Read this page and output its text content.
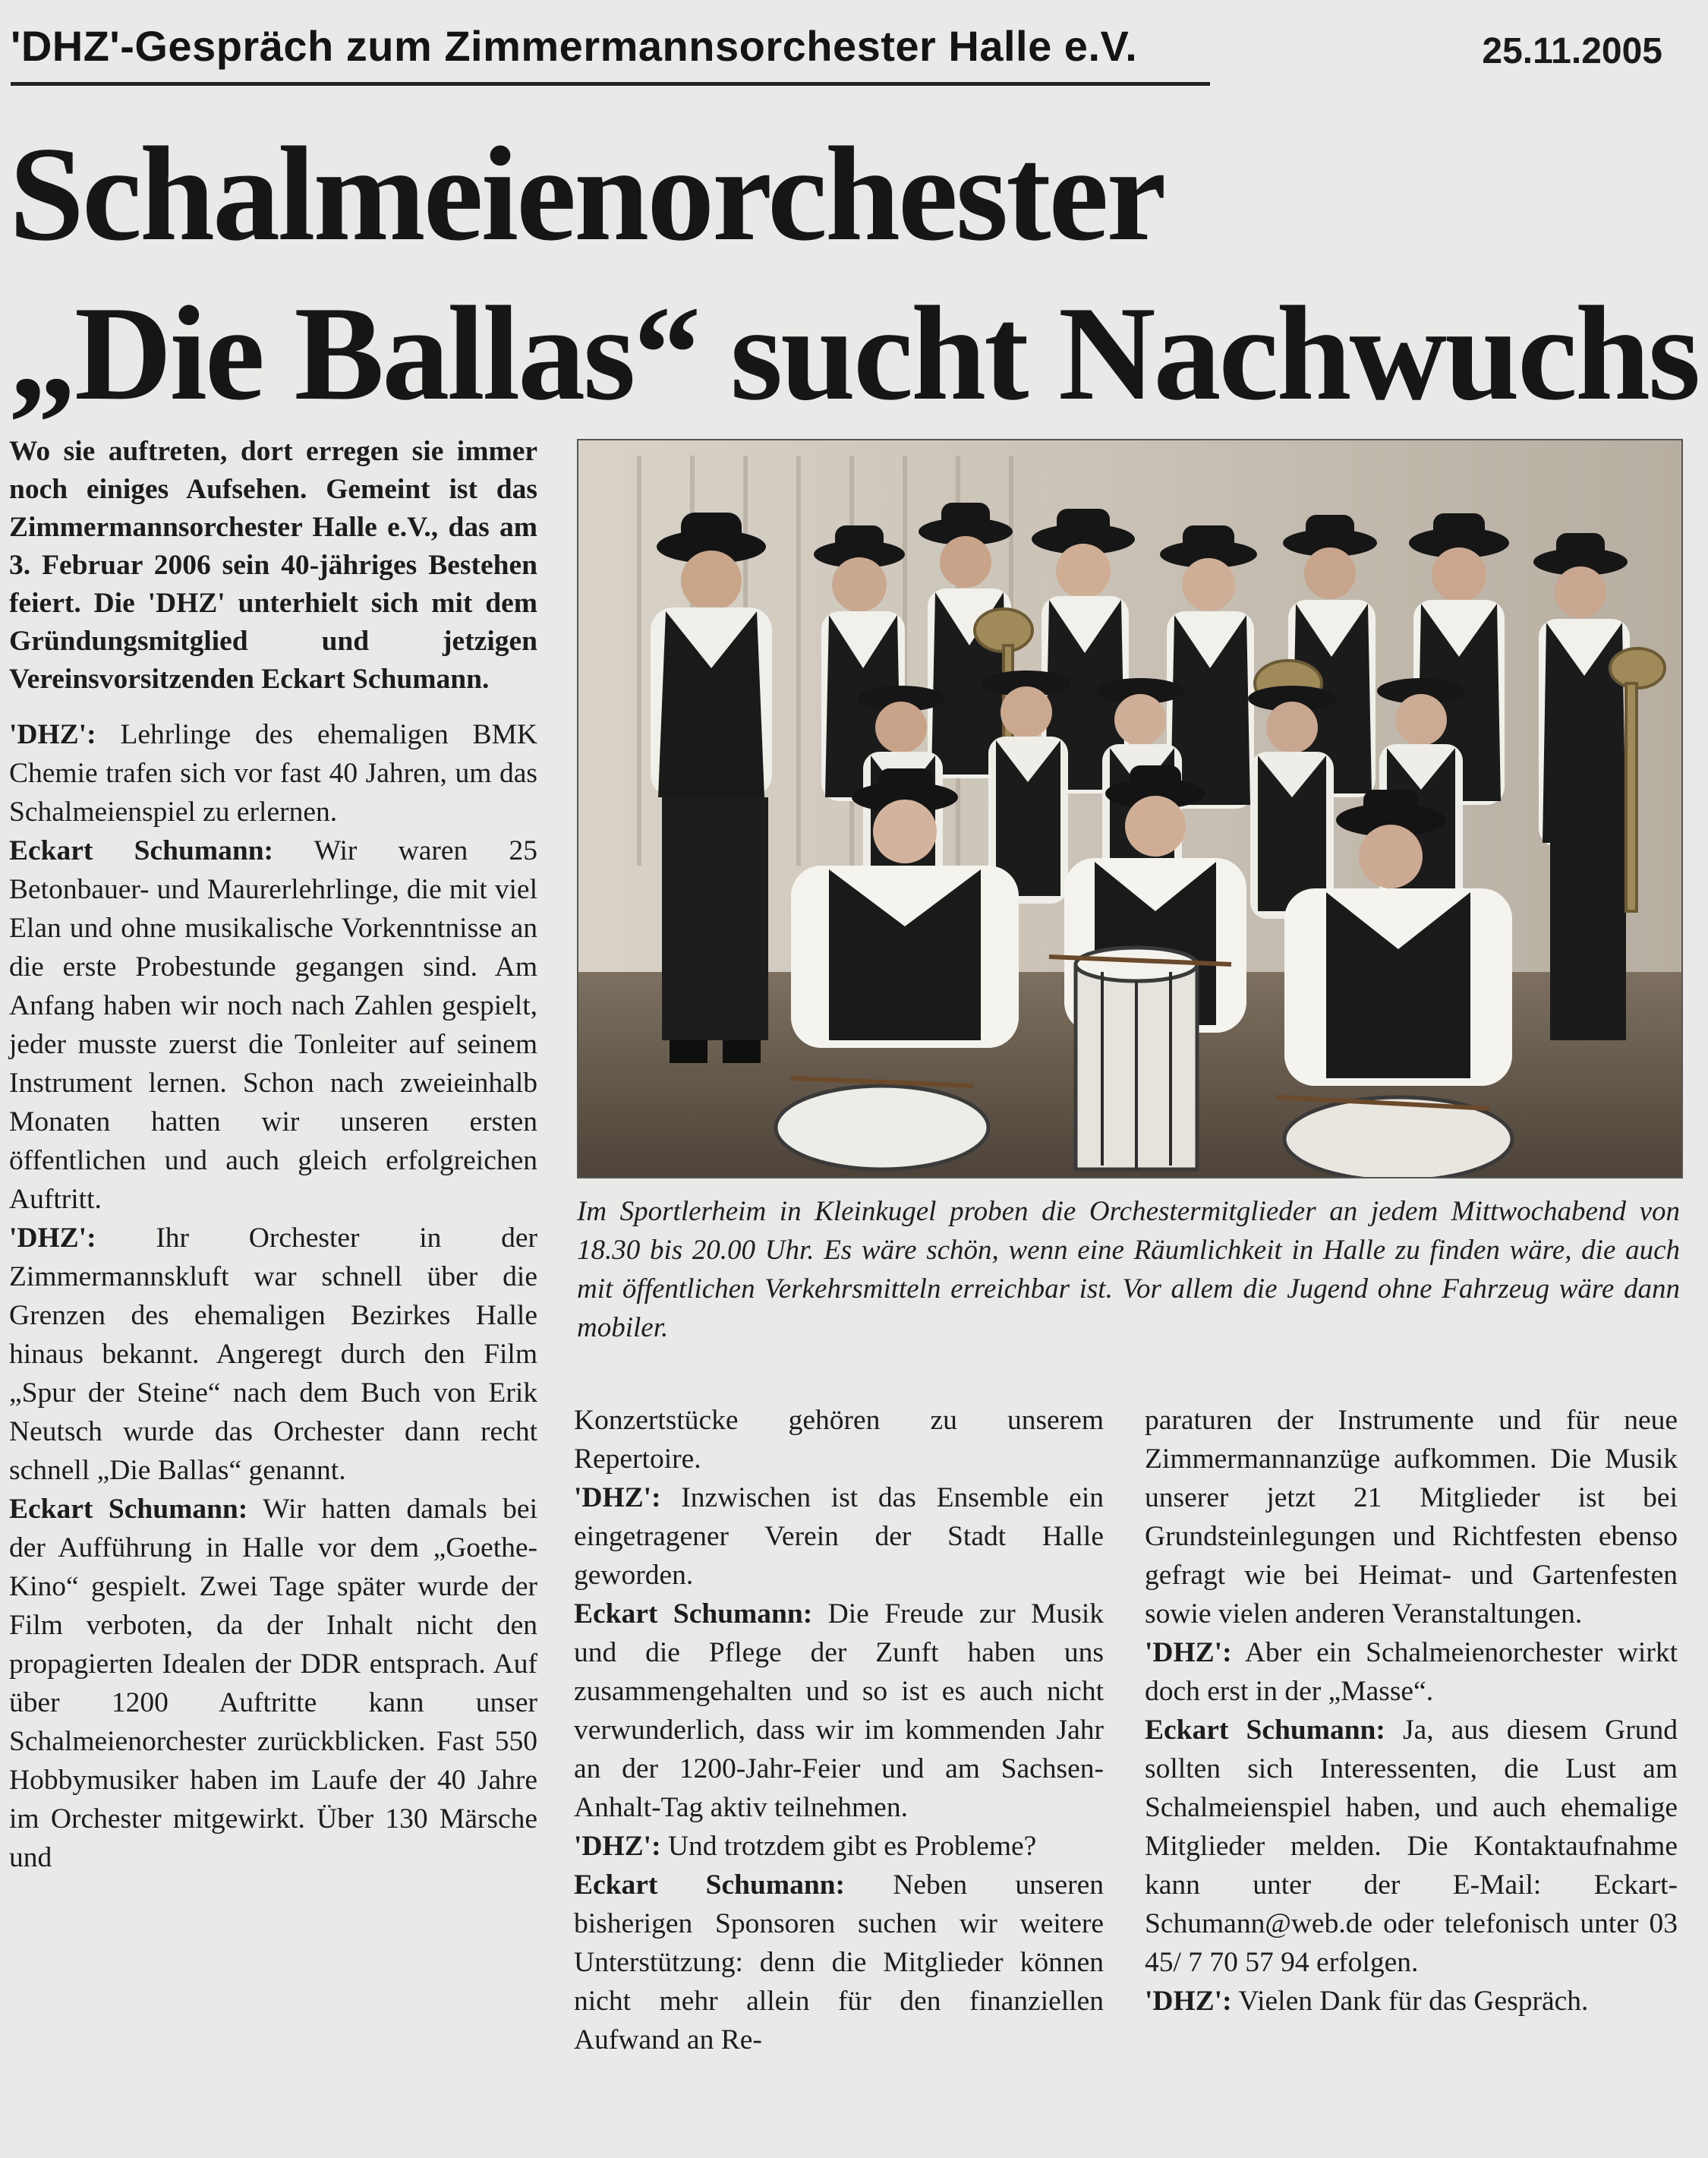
'DHZ'-Gespräch zum Zimmermannsorchester Halle e.V.	25.11.2005
Schalmeienorchester
„Die Ballas“ sucht Nachwuchs

Wo sie auftreten, dort erregen sie immer noch einiges Aufsehen. Gemeint ist das Zimmermannsorchester Halle e.V., das am 3. Februar 2006 sein 40-jähriges Bestehen feiert. Die 'DHZ' unterhielt sich mit dem Gründungsmitglied und jetzigen Vereinsvorsitzenden Eckart Schumann.

'DHZ': Lehrlinge des ehemaligen BMK Chemie trafen sich vor fast 40 Jahren, um das Schalmeienspiel zu erlernen.

Eckart Schumann: Wir waren 25 Betonbauer- und Maurerlehrlinge, die mit viel Elan und ohne musikalische Vorkenntnisse an die erste Probestunde gegangen sind. Am Anfang haben wir noch nach Zahlen gespielt, jeder musste zuerst die Tonleiter auf seinem Instrument lernen. Schon nach zweieinhalb Monaten hatten wir unseren ersten öffentlichen und auch gleich erfolgreichen Auftritt.

'DHZ': Ihr Orchester in der Zimmermannskluft war schnell über die Grenzen des ehemaligen Bezirkes Halle hinaus bekannt. Angeregt durch den Film „Spur der Steine“ nach dem Buch von Erik Neutsch wurde das Orchester dann recht schnell „Die Ballas“ genannt.

Eckart Schumann: Wir hatten damals bei der Aufführung in Halle vor dem „Goethe-Kino“ gespielt. Zwei Tage später wurde der Film verboten, da der Inhalt nicht den propagierten Idealen der DDR entsprach. Auf über 1200 Auftritte kann unser Schalmeienorchester zurückblicken. Fast 550 Hobbymusiker haben im Laufe der 40 Jahre im Orchester mitgewirkt. Über 130 Märsche und

Im Sportlerheim in Kleinkugel proben die Orchestermitglieder an jedem Mittwochabend von 18.30 bis 20.00 Uhr. Es wäre schön, wenn eine Räumlichkeit in Halle zu finden wäre, die auch mit öffentlichen Verkehrsmitteln erreichbar ist. Vor allem die Jugend ohne Fahrzeug wäre dann mobiler.

Konzertstücke gehören zu unserem Repertoire.

'DHZ': Inzwischen ist das Ensemble ein eingetragener Verein der Stadt Halle geworden.

Eckart Schumann: Die Freude zur Musik und die Pflege der Zunft haben uns zusammengehalten und so ist es auch nicht verwunderlich, dass wir im kommenden Jahr an der 1200-Jahr-Feier und am Sachsen-Anhalt-Tag aktiv teilnehmen.

'DHZ': Und trotzdem gibt es Probleme?

Eckart Schumann: Neben unseren bisherigen Sponsoren suchen wir weitere Unterstützung: denn die Mitglieder können nicht mehr allein für den finanziellen Aufwand an Re-

paraturen der Instrumente und für neue Zimmermannanzüge aufkommen. Die Musik unserer jetzt 21 Mitglieder ist bei Grundsteinlegungen und Richtfesten ebenso gefragt wie bei Heimat- und Gartenfesten sowie vielen anderen Veranstaltungen.

'DHZ': Aber ein Schalmeienorchester wirkt doch erst in der „Masse“.

Eckart Schumann: Ja, aus diesem Grund sollten sich Interessenten, die Lust am Schalmeienspiel haben, und auch ehemalige Mitglieder melden. Die Kontaktaufnahme kann unter der E-Mail: Eckart-Schumann@web.de oder telefonisch unter 03 45/ 7 70 57 94 erfolgen.

'DHZ': Vielen Dank für das Gespräch.
